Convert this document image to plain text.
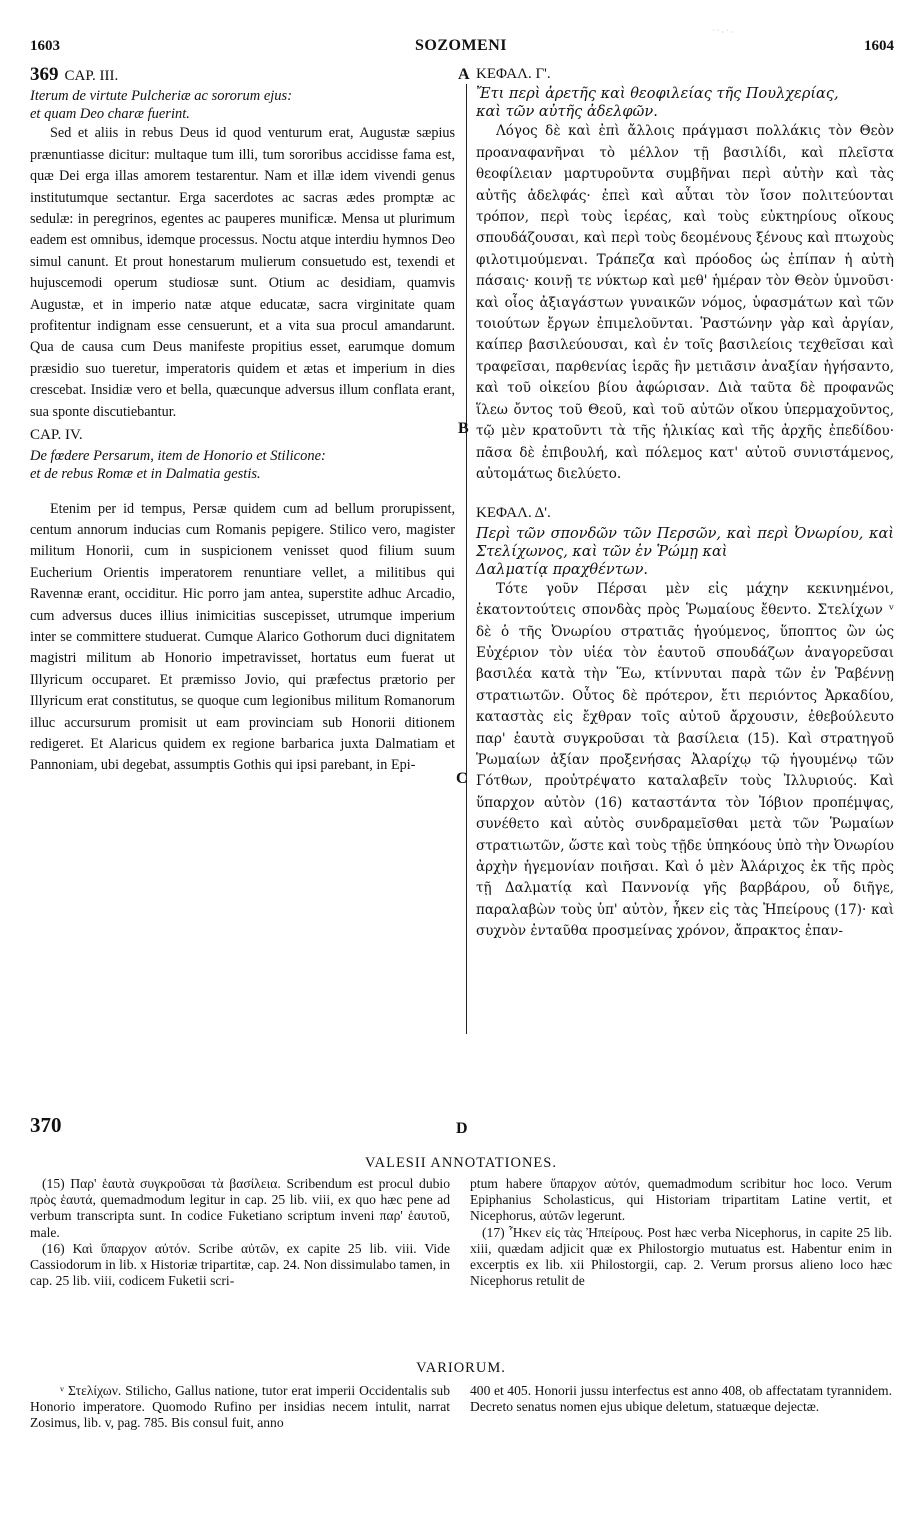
1603	SOZOMENI	1604
˙ ˙ · ˙ ·
A
B
C
D
370

369 CAP. III.

Iterum de virtute Pulcheriæ ac sororum ejus:

et quam Deo charæ fuerint.

Sed et aliis in rebus Deus id quod venturum erat, Augustæ sæpius prænuntiasse dicitur: multaque tum illi, tum sororibus accidisse fama est, quæ Dei erga illas amorem testarentur. Nam et illæ idem vivendi genus institutumque sectantur. Erga sacerdotes ac sacras ædes promptæ ac sedulæ: in peregrinos, egentes ac pauperes munificæ. Mensa ut plurimum eadem est omnibus, idemque processus. Noctu atque interdiu hymnos Deo simul canunt. Et prout honestarum mulierum consuetudo est, texendi et hujuscemodi operum studiosæ sunt. Otium ac desidiam, quamvis Augustæ, et in imperio natæ atque educatæ, sacra virginitate quam profitentur indignam esse censuerunt, et a vita sua procul amandarunt. Qua de causa cum Deus manifeste propitius esset, earumque domum præsidio suo tueretur, imperatoris quidem et ætas et imperium in dies crescebat. Insidiæ vero et bella, quæcunque adversus illum conflata erant, sua sponte discutiebantur.

CAP. IV.

De fœdere Persarum, item de Honorio et Stilicone:

et de rebus Romæ et in Dalmatia gestis.

Etenim per id tempus, Persæ quidem cum ad bellum prorupissent, centum annorum inducias cum Romanis pepigere. Stilico vero, magister militum Honorii, cum in suspicionem venisset quod filium suum Eucherium Orientis imperatorem renuntiare vellet, a militibus qui Ravennæ erant, occiditur. Hic porro jam antea, superstite adhuc Arcadio, cum adversus duces illius inimicitias suscepisset, utrumque imperium inter se committere studuerat. Cumque Alarico Gothorum duci dignitatem magistri militum ab Honorio impetravisset, hortatus eum fuerat ut Illyricum occuparet. Et præmisso Jovio, qui præfectus prætorio per Illyricum erat constitutus, se quoque cum legionibus militum Romanorum illuc accursurum promisit ut eam provinciam sub Honorii ditionem redigeret. Et Alaricus quidem ex regione barbarica juxta Dalmatiam et Pannoniam, ubi degebat, assumptis Gothis qui ipsi parebant, in Epi-

ΚΕΦΑΛ. Γ'.

Ἔτι περὶ ἀρετῆς καὶ θεοφιλείας τῆς Πουλχερίας,

καὶ τῶν αὐτῆς ἀδελφῶν.

Λόγος δὲ καὶ ἐπὶ ἄλλοις πράγμασι πολλάκις τὸν Θεὸν προαναφανῆναι τὸ μέλλον τῇ βασιλίδι, καὶ πλεῖστα θεοφίλειαν μαρτυροῦντα συμβῆναι περὶ αὐτὴν καὶ τὰς αὐτῆς ἀδελφάς· ἐπεὶ καὶ αὗται τὸν ἴσον πολιτεύονται τρόπον, περὶ τοὺς ἱερέας, καὶ τοὺς εὐκτηρίους οἴκους σπουδάζουσαι, καὶ περὶ τοὺς δεομένους ξένους καὶ πτωχοὺς φιλοτιμούμεναι. Τράπεζα καὶ πρόοδος ὡς ἐπίπαν ἡ αὐτὴ πάσαις· κοινῇ τε νύκτωρ καὶ μεθ' ἡμέραν τὸν Θεὸν ὑμνοῦσι· καὶ οἷος ἀξιαγάστων γυναικῶν νόμος, ὑφασμάτων καὶ τῶν τοιούτων ἔργων ἐπιμελοῦνται. Ῥαστώνην γὰρ καὶ ἀργίαν, καίπερ βασιλεύουσαι, καὶ ἐν τοῖς βασιλείοις τεχθεῖσαι καὶ τραφεῖσαι, παρθενίας ἱερᾶς ἣν μετιᾶσιν ἀναξίαν ἡγήσαντο, καὶ τοῦ οἰκείου βίου ἀφώρισαν. Διὰ ταῦτα δὲ προφανῶς ἵλεω ὄντος τοῦ Θεοῦ, καὶ τοῦ αὐτῶν οἴκου ὑπερμαχοῦντος, τῷ μὲν κρατοῦντι τὰ τῆς ἡλικίας καὶ τῆς ἀρχῆς ἐπεδίδου· πᾶσα δὲ ἐπιβουλή, καὶ πόλεμος κατ' αὐτοῦ συνιστάμενος, αὐτομάτως διελύετο.

ΚΕΦΑΛ. Δ'.

Περὶ τῶν σπονδῶν τῶν Περσῶν, καὶ περὶ Ὀνωρίου, καὶ Στελίχωνος, καὶ τῶν ἐν Ῥώμῃ καὶ

Δαλματίᾳ πραχθέντων.

Τότε γοῦν Πέρσαι μὲν εἰς μάχην κεκινημένοι, ἑκατοντούτεις σπονδὰς πρὸς Ῥωμαίους ἔθεντο. Στελίχων ᵛ δὲ ὁ τῆς Ὀνωρίου στρατιᾶς ἡγούμενος, ὕποπτος ὢν ὡς Εὐχέριον τὸν υἱέα τὸν ἑαυτοῦ σπουδάζων ἀναγορεῦσαι βασιλέα κατὰ τὴν Ἕω, κτίννυται παρὰ τῶν ἐν Ῥαβέννῃ στρατιωτῶν. Οὗτος δὲ πρότερον, ἔτι περιόντος Ἀρκαδίου, καταστὰς εἰς ἔχθραν τοῖς αὐτοῦ ἄρχουσιν, ἐθεβούλευτο παρ' ἑαυτὰ συγκροῦσαι τὰ βασίλεια (15). Καὶ στρατηγοῦ Ῥωμαίων ἀξίαν προξενήσας Ἀλαρίχῳ τῷ ἡγουμένῳ τῶν Γότθων, προὐτρέψατο καταλαβεῖν τοὺς Ἰλλυριούς. Καὶ ὕπαρχον αὐτὸν (16) καταστάντα τὸν Ἰόβιον προπέμψας, συνέθετο καὶ αὐτὸς συνδραμεῖσθαι μετὰ τῶν Ῥωμαίων στρατιωτῶν, ὥστε καὶ τοὺς τῇδε ὑπηκόους ὑπὸ τὴν Ὀνωρίου ἀρχὴν ἡγεμονίαν ποιῆσαι. Καὶ ὁ μὲν Ἀλάριχος ἐκ τῆς πρὸς τῇ Δαλματίᾳ καὶ Παννονίᾳ γῆς βαρβάρου, οὗ διῆγε, παραλαβὼν τοὺς ὑπ' αὐτὸν, ἧκεν εἰς τὰς Ἠπείρους (17)· καὶ συχνὸν ἐνταῦθα προσμείνας χρόνον, ἄπρακτος ἐπαν-

VALESII ANNOTATIONES.

(15) Παρ' ἑαυτὰ συγκροῦσαι τὰ βασίλεια. Scribendum est procul dubio πρὸς ἑαυτά, quemadmodum legitur in cap. 25 lib. viii, ex quo hæc pene ad verbum transcripta sunt. In codice Fuketiano scriptum inveni παρ' ἑαυτοῦ, male.

(16) Καὶ ὕπαρχον αὐτόν. Scribe αὐτῶν, ex capite 25 lib. viii. Vide Cassiodorum in lib. x Historiæ tripartitæ, cap. 24. Non dissimulabo tamen, in cap. 25 lib. viii, codicem Fuketii scri-

ptum habere ὕπαρχον αὐτόν, quemadmodum scribitur hoc loco. Verum Epiphanius Scholasticus, qui Historiam tripartitam Latine vertit, et Nicephorus, αὐτῶν legerunt.

(17) Ἧκεν εἰς τὰς Ἠπείρους. Post hæc verba Nicephorus, in capite 25 lib. xiii, quædam adjicit quæ ex Philostorgio mutuatus est. Habentur enim in excerptis ex lib. xii Philostorgii, cap. 2. Verum prorsus alieno loco hæc Nicephorus retulit de

VARIORUM.

ᵛ Στελίχων. Stilicho, Gallus natione, tutor erat imperii Occidentalis sub Honorio imperatore. Quomodo Rufino per insidias necem intulit, narrat Zosimus, lib. v, pag. 785. Bis consul fuit, anno

400 et 405. Honorii jussu interfectus est anno 408, ob affectatam tyrannidem. Decreto senatus nomen ejus ubique deletum, statuæque dejectæ.
